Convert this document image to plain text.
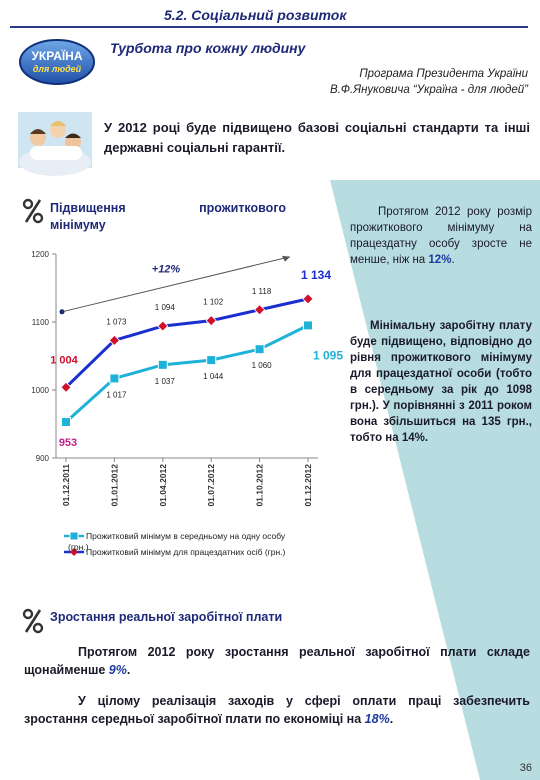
5.2. Соціальний розвиток
УКРАЇНА
для людей
Турбота про кожну людину
Програма Президента України
В.Ф.Януковича “Україна - для людей”
У 2012 році буде підвищено базові соціальні стандарти та інші державні соціальні гарантії.
Підвищення прожиткового
мінімуму
900
1000
1100
1200
01.12.2011	01.01.2012	01.04.2012	01.07.2012	01.10.2012	01.12.2012
+12%
953
1 017
1 037
1 044
1 060
1 095
1 004
1 073
1 094
1 102
1 118
1 134
Прожитковий мінімум в середньому на одну особу
(грн.)
Прожитковий мінімум для працездатних осіб (грн.)
Протягом 2012 року розмір прожиткового мінімуму на працездатну особу зросте не менше, ніж на 12%.
Мінімальну заробітну плату буде підвищено, відповідно до рівня прожиткового мінімуму для працездатної особи (тобто в середньому за рік до 1098 грн.). У порівнянні з 2011 роком вона збільшиться на 135 грн., тобто на 14%.
Зростання реальної заробітної плати
Протягом 2012 року зростання реальної заробітної плати складе щонайменше 9%.
У цілому реалізація заходів у сфері оплати праці забезпечить зростання середньої заробітної плати по економіці на 18%.
36
